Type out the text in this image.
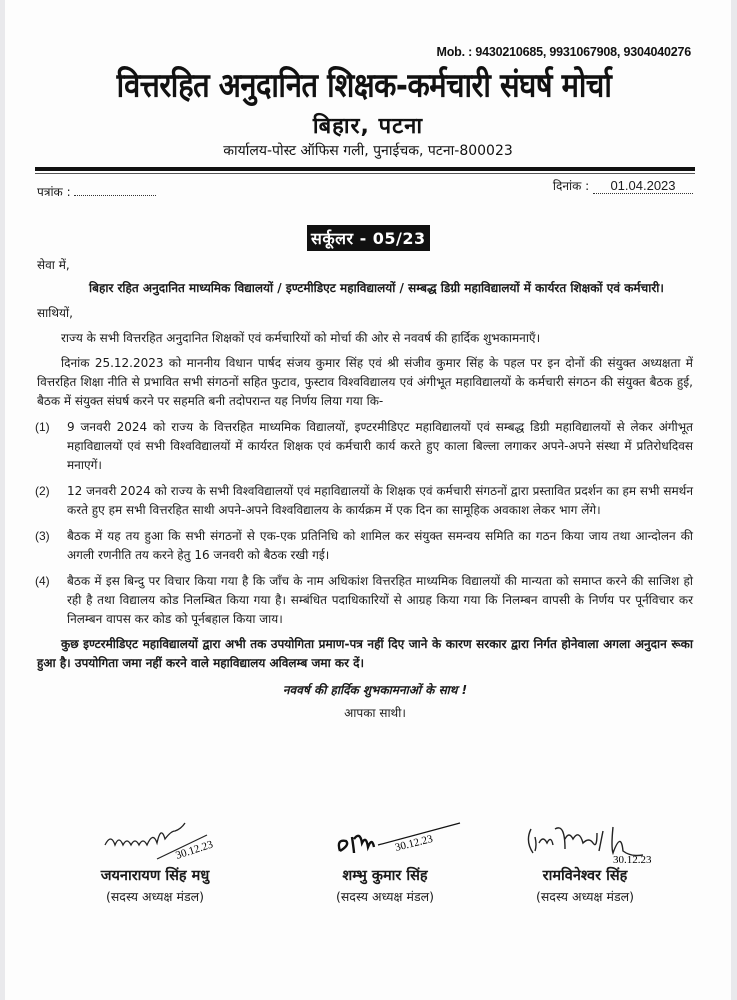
Mob. : 9430210685, 9931067908, 9304040276
वित्तरहित अनुदानित शिक्षक-कर्मचारी संघर्ष मोर्चा
बिहार, पटना
कार्यालय-पोस्ट ऑफिस गली, पुनाईचक, पटना-800023
पत्रांक :	दिनांक : 01.04.2023
सर्कूलर - 05/23

सेवा में,

बिहार रहित अनुदानित माध्यमिक विद्यालयों / इण्टमीडिएट महाविद्यालयों / सम्बद्ध डिग्री महाविद्यालयों में कार्यरत शिक्षकों एवं कर्मचारी।

साथियों,

राज्य के सभी वित्तरहित अनुदानित शिक्षकों एवं कर्मचारियों को मोर्चा की ओर से नववर्ष की हार्दिक शुभकामनाएँ।

दिनांक 25.12.2023 को माननीय विधान पार्षद संजय कुमार सिंह एवं श्री संजीव कुमार सिंह के पहल पर इन दोनों की संयुक्त अध्यक्षता में वित्तरहित शिक्षा नीति से प्रभावित सभी संगठनों सहित फुटाव, फुस्टाव विश्वविद्यालय एवं अंगीभूत महाविद्यालयों के कर्मचारी संगठन की संयुक्त बैठक हुई, बैठक में संयुक्त संघर्ष करने पर सहमति बनी तदोपरान्त यह निर्णय लिया गया कि-

(1)	9 जनवरी 2024 को राज्य के वित्तरहित माध्यमिक विद्यालयों, इण्टरमीडिएट महाविद्यालयों एवं सम्बद्ध डिग्री महाविद्यालयों से लेकर अंगीभूत महाविद्यालयों एवं सभी विश्वविद्यालयों में कार्यरत शिक्षक एवं कर्मचारी कार्य करते हुए काला बिल्ला लगाकर अपने-अपने संस्था में प्रतिरोधदिवस मनाएगें।
(2)	12 जनवरी 2024 को राज्य के सभी विश्वविद्यालयों एवं महाविद्यालयों के शिक्षक एवं कर्मचारी संगठनों द्वारा प्रस्तावित प्रदर्शन का हम सभी समर्थन करते हुए हम सभी वित्तरहित साथी अपने-अपने विश्वविद्यालय के कार्यक्रम में एक दिन का सामूहिक अवकाश लेकर भाग लेंगे।
(3)	बैठक में यह तय हुआ कि सभी संगठनों से एक-एक प्रतिनिधि को शामिल कर संयुक्त समन्वय समिति का गठन किया जाय तथा आन्दोलन की अगली रणनीति तय करने हेतु 16 जनवरी को बैठक रखी गई।
(4)	बैठक में इस बिन्दु पर विचार किया गया है कि जाँच के नाम अधिकांश वित्तरहित माध्यमिक विद्यालयों की मान्यता को समाप्त करने की साजिश हो रही है तथा विद्यालय कोड निलम्बित किया गया है। सम्बंधित पदाधिकारियों से आग्रह किया गया कि निलम्बन वापसी के निर्णय पर पूर्नविचार कर निलम्बन वापस कर कोड को पूर्नबहाल किया जाय।

कुछ इण्टरमीडिएट महाविद्यालयों द्वारा अभी तक उपयोगिता प्रमाण-पत्र नहीं दिए जाने के कारण सरकार द्वारा निर्गत होनेवाला अगला अनुदान रूका हुआ है। उपयोगिता जमा नहीं करने वाले महाविद्यालय अविलम्ब जमा कर दें।

नववर्ष की हार्दिक शुभकामनाओं के साथ !

आपका साथी।

30.12.23
जयनारायण सिंह मधु
(सदस्य अध्यक्ष मंडल)
30.12.23
शम्भु कुमार सिंह
(सदस्य अध्यक्ष मंडल)
30.12.23
रामविनेश्वर सिंह
(सदस्य अध्यक्ष मंडल)
